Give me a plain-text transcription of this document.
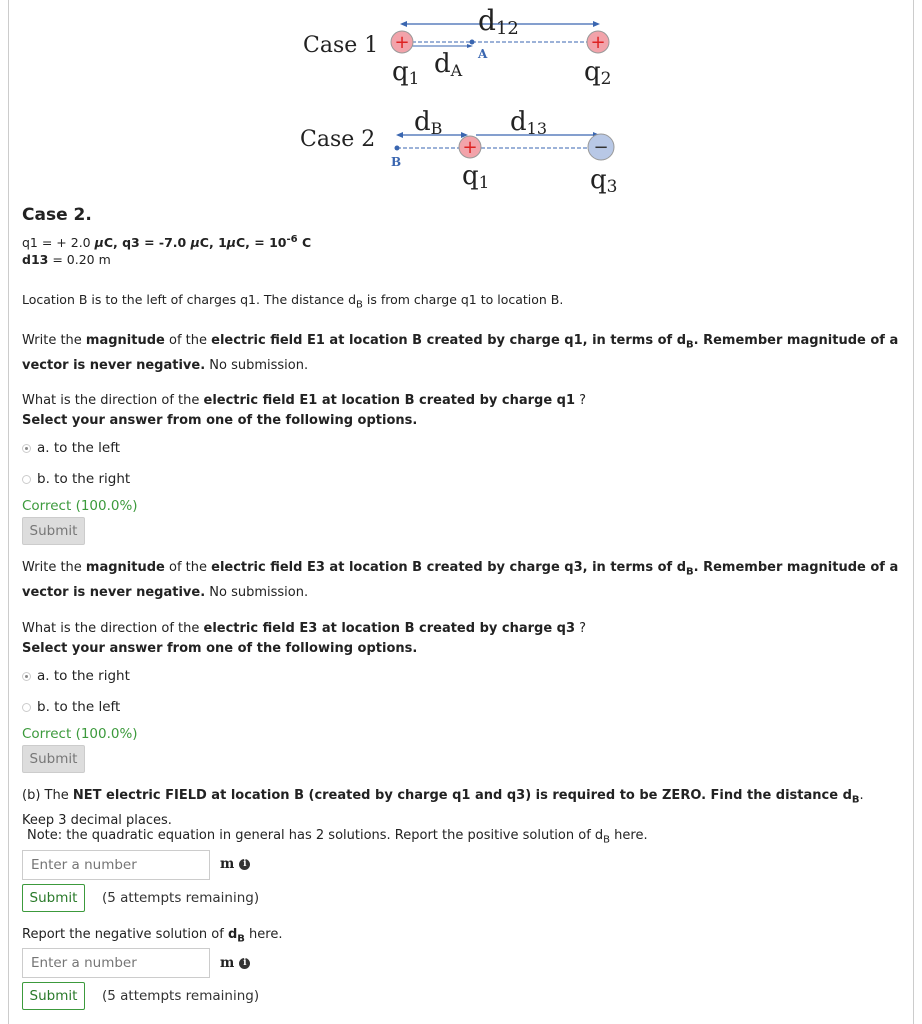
Case 1	A
+	+
d12
q1 dA	q2
Case 2
B
+	−
dB	d13
q1	q3
Case 2.
q1 = + 2.0 μC, q3 = -7.0 μC, 1μC, = $10^{-6}$ C
d13 = 0.20 m
Location B is to the left of charges q1. The distance $d_B$ is from charge q1 to location B.
Write the magnitude of the electric field E1 at location B created by charge q1, in terms of $d_B$. Remember magnitude of a vector is never negative. No submission.
What is the direction of the electric field E1 at location B created by charge q1 ?
Select your answer from one of the following options.
a. to the left
b. to the right
Correct (100.0%)
Submit
Write the magnitude of the electric field E3 at location B created by charge q3, in terms of $d_B$. Remember magnitude of a vector is never negative. No submission.
What is the direction of the electric field E3 at location B created by charge q3 ?
Select your answer from one of the following options.
a. to the right
b. to the left
Correct (100.0%)
Submit
(b) The NET electric FIELD at location B (created by charge q1 and q3) is required to be ZERO. Find the distance $d_B$. Keep 3 decimal places.
Note: the quadratic equation in general has 2 solutions. Report the positive solution of $d_B$ here.
Enter a number
m i
Submit	(5 attempts remaining)
Report the negative solution of $d_B$ here.
Enter a number
m i
Submit	(5 attempts remaining)
